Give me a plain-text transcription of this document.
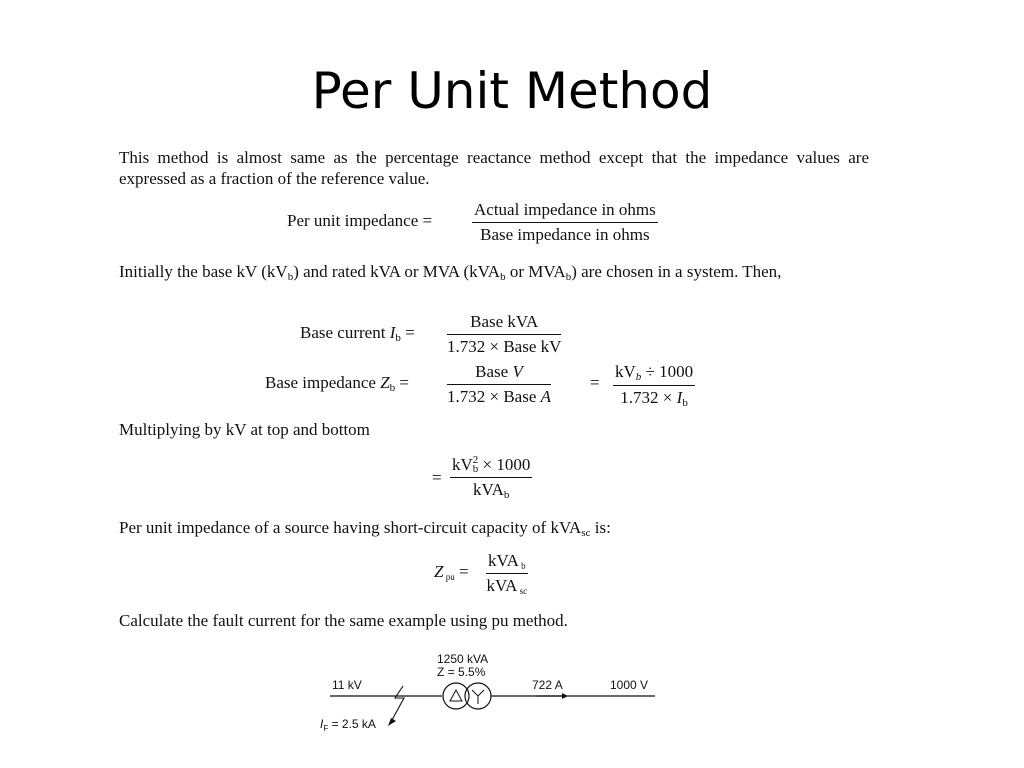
Per Unit Method

This method is almost same as the percentage reactance method except that the impedance values are expressed as a fraction of the reference value.

Per unit impedance =
Actual impedance in ohms
Base impedance in ohms

Initially the base kV $(kV_b)$ and rated kVA or MVA (kVA$_b$ or $MVA_b$) are chosen in a system. Then,

Base current $I_b$ =
Base kVA
1.732 × Base kV
Base impedance $Z_b$ =
Base V
1.732 × Base A
=
$kV_b \div 1000$
$1.732 \times I_b$

Multiplying by kV at top and bottom

=
kV 2
b × 1000
kVA$_b$

Per unit impedance of a source having short-circuit capacity of kVA$_{sc}$ is:

Z $_{pu}$ =
kVA $_b$
kVA $_{sc}$

Calculate the fault current for the same example using pu method.

1250 kVA
Z = 5.5%
11 kV	722 A	1000 V
$I_F = 2.5$ kA
